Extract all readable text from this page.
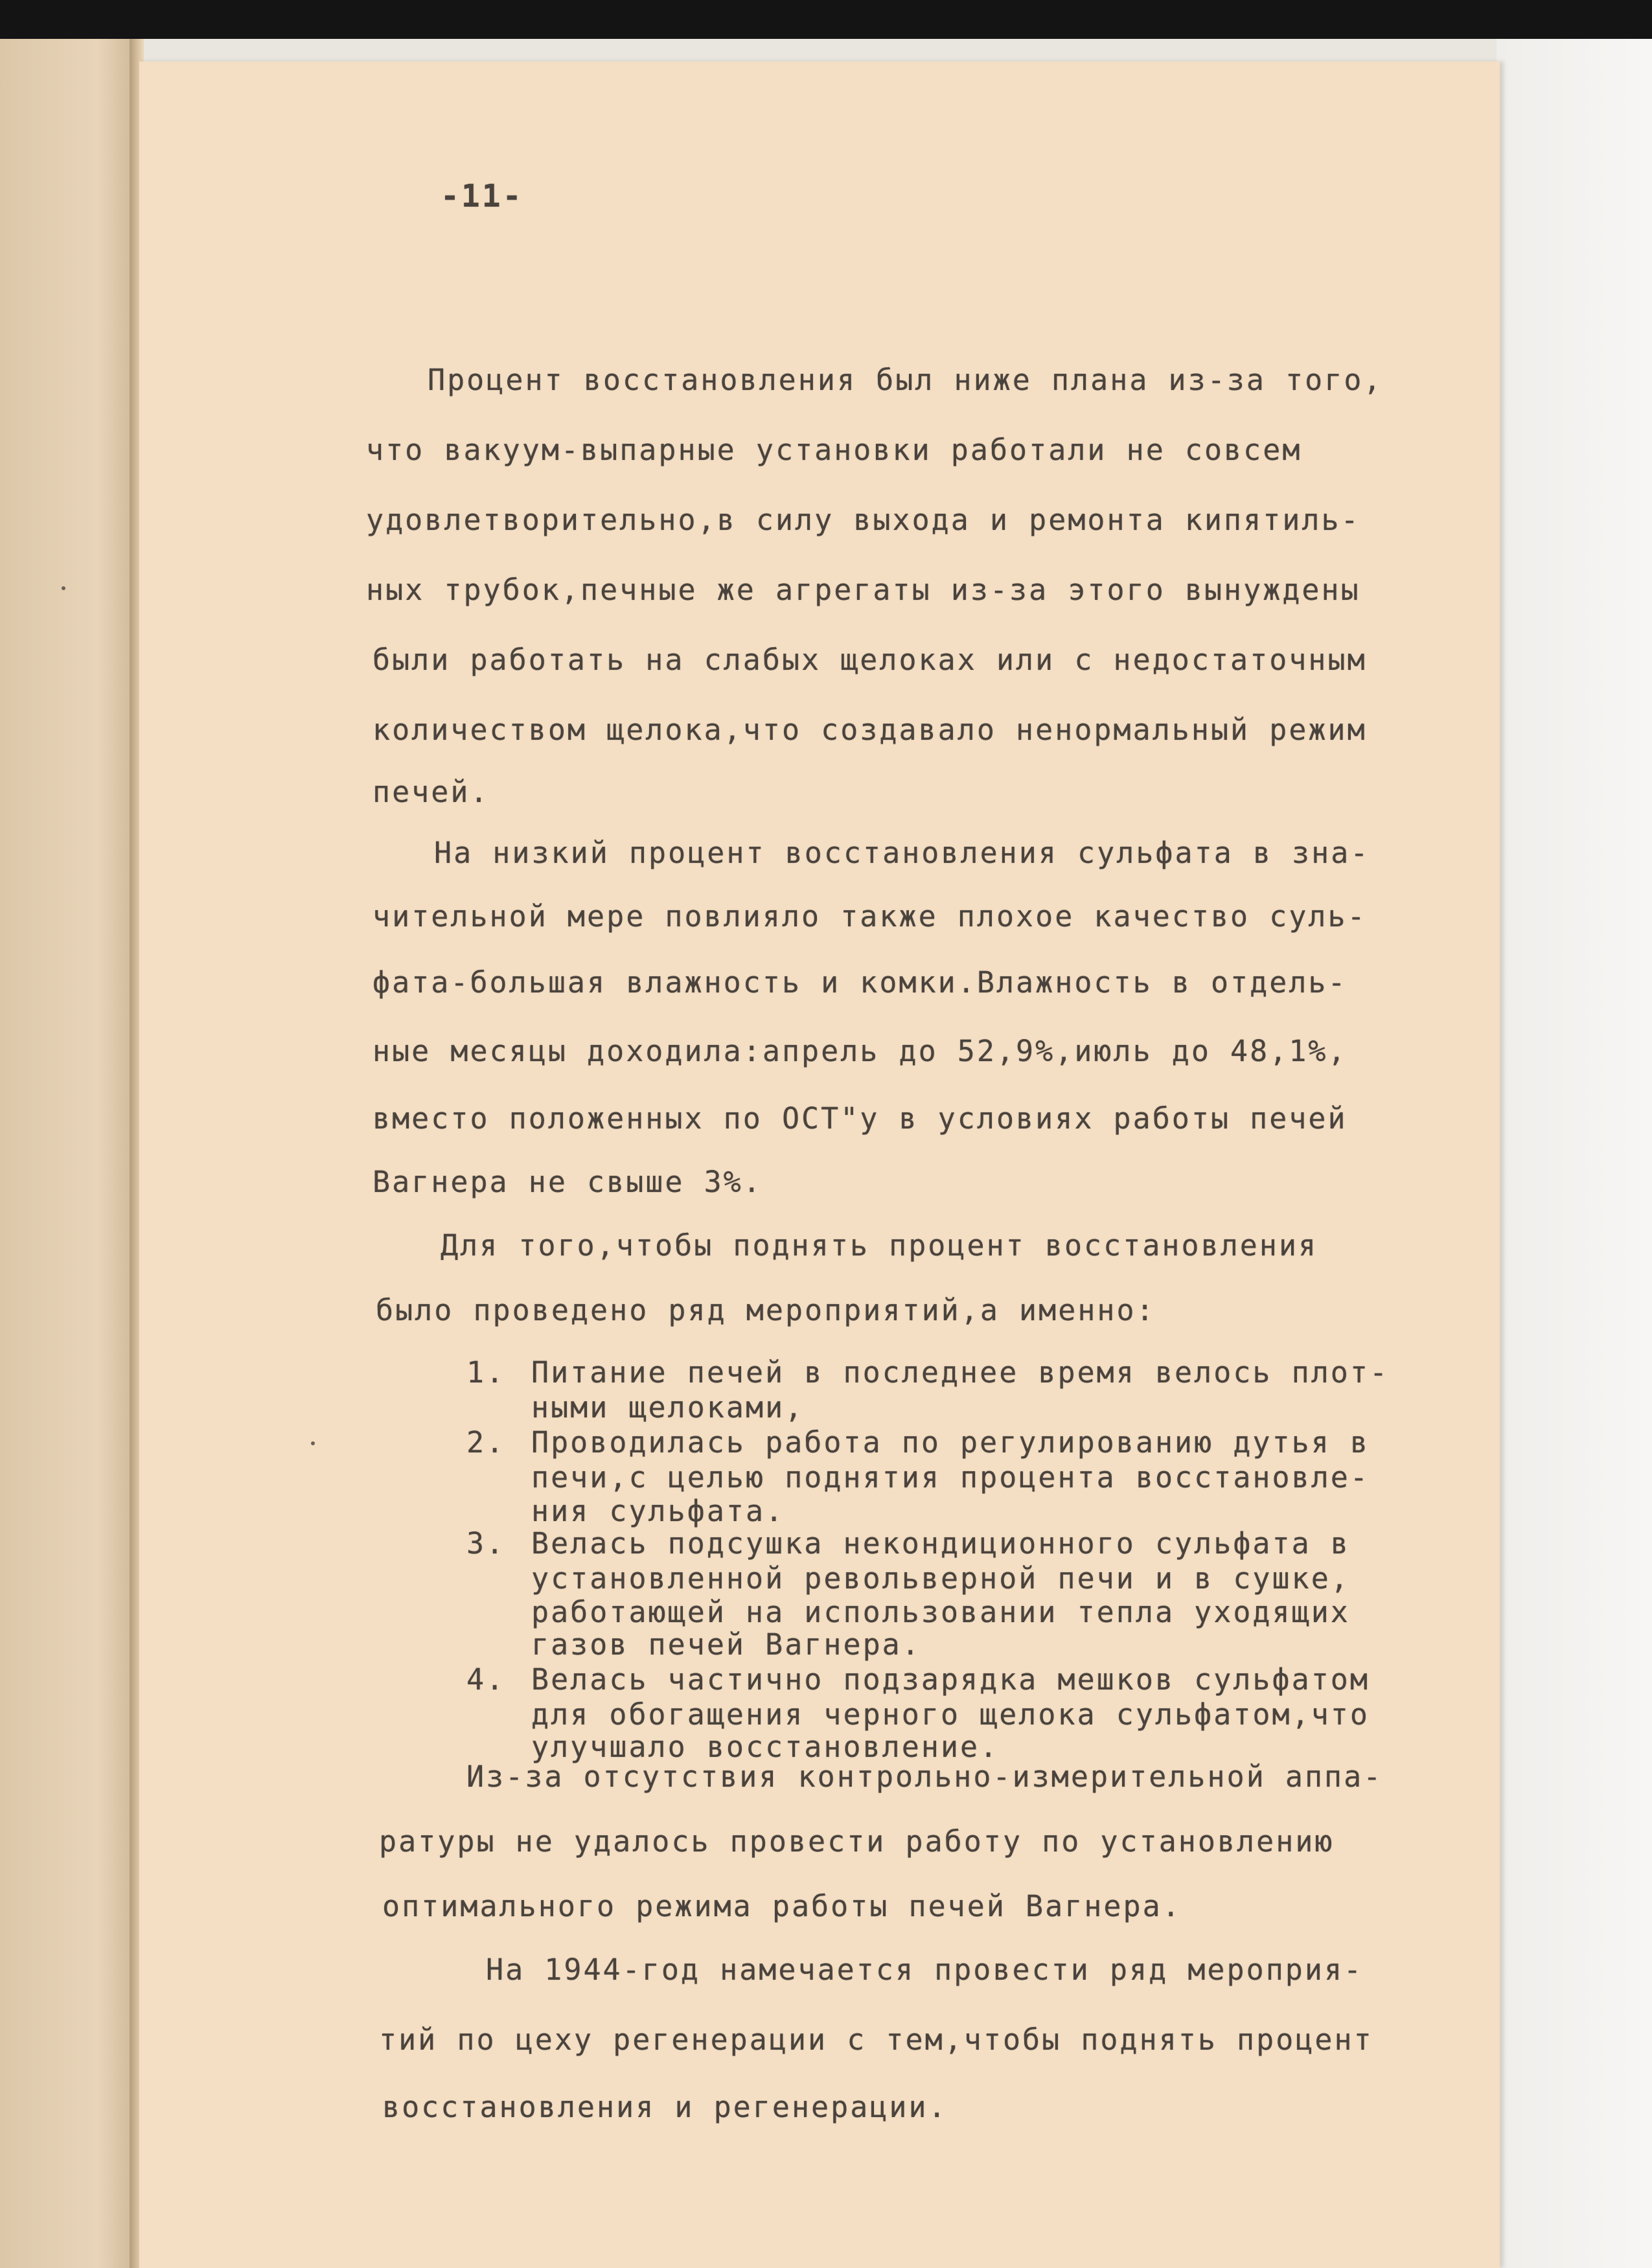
-11-
Процент восстановления был ниже плана из-за того,
что вакуум-выпарные установки работали не совсем
удовлетворительно,в силу выхода и ремонта кипятиль-
ных трубок,печные же агрегаты из-за этого вынуждены
были работать на слабых щелоках или с недостаточным
количеством щелока,что создавало ненормальный режим
печей.
На низкий процент восстановления сульфата в зна-
чительной мере повлияло также плохое качество суль-
фата-большая влажность и комки.Влажность в отдель-
ные месяцы доходила:апрель до 52,9%,июль до 48,1%,
вместо положенных по ОСТ"у в условиях работы печей
Вагнера не свыше 3%.
Для того,чтобы поднять процент восстановления
было проведено ряд мероприятий,а именно:
1. Питание печей в последнее время велось плот-
ными щелоками,
2. Проводилась работа по регулированию дутья в
печи,с целью поднятия процента восстановле-
ния сульфата.
3. Велась подсушка некондиционного сульфата в
установленной револьверной печи и в сушке,
работающей на использовании тепла уходящих
газов печей Вагнера.
4. Велась частично подзарядка мешков сульфатом
для обогащения черного щелока сульфатом,что
улучшало восстановление.
Из-за отсутствия контрольно-измерительной аппа-
ратуры не удалось провести работу по установлению
оптимального режима работы печей Вагнера.
На 1944-год намечается провести ряд мероприя-
тий по цеху регенерации с тем,чтобы поднять процент
восстановления и регенерации.
